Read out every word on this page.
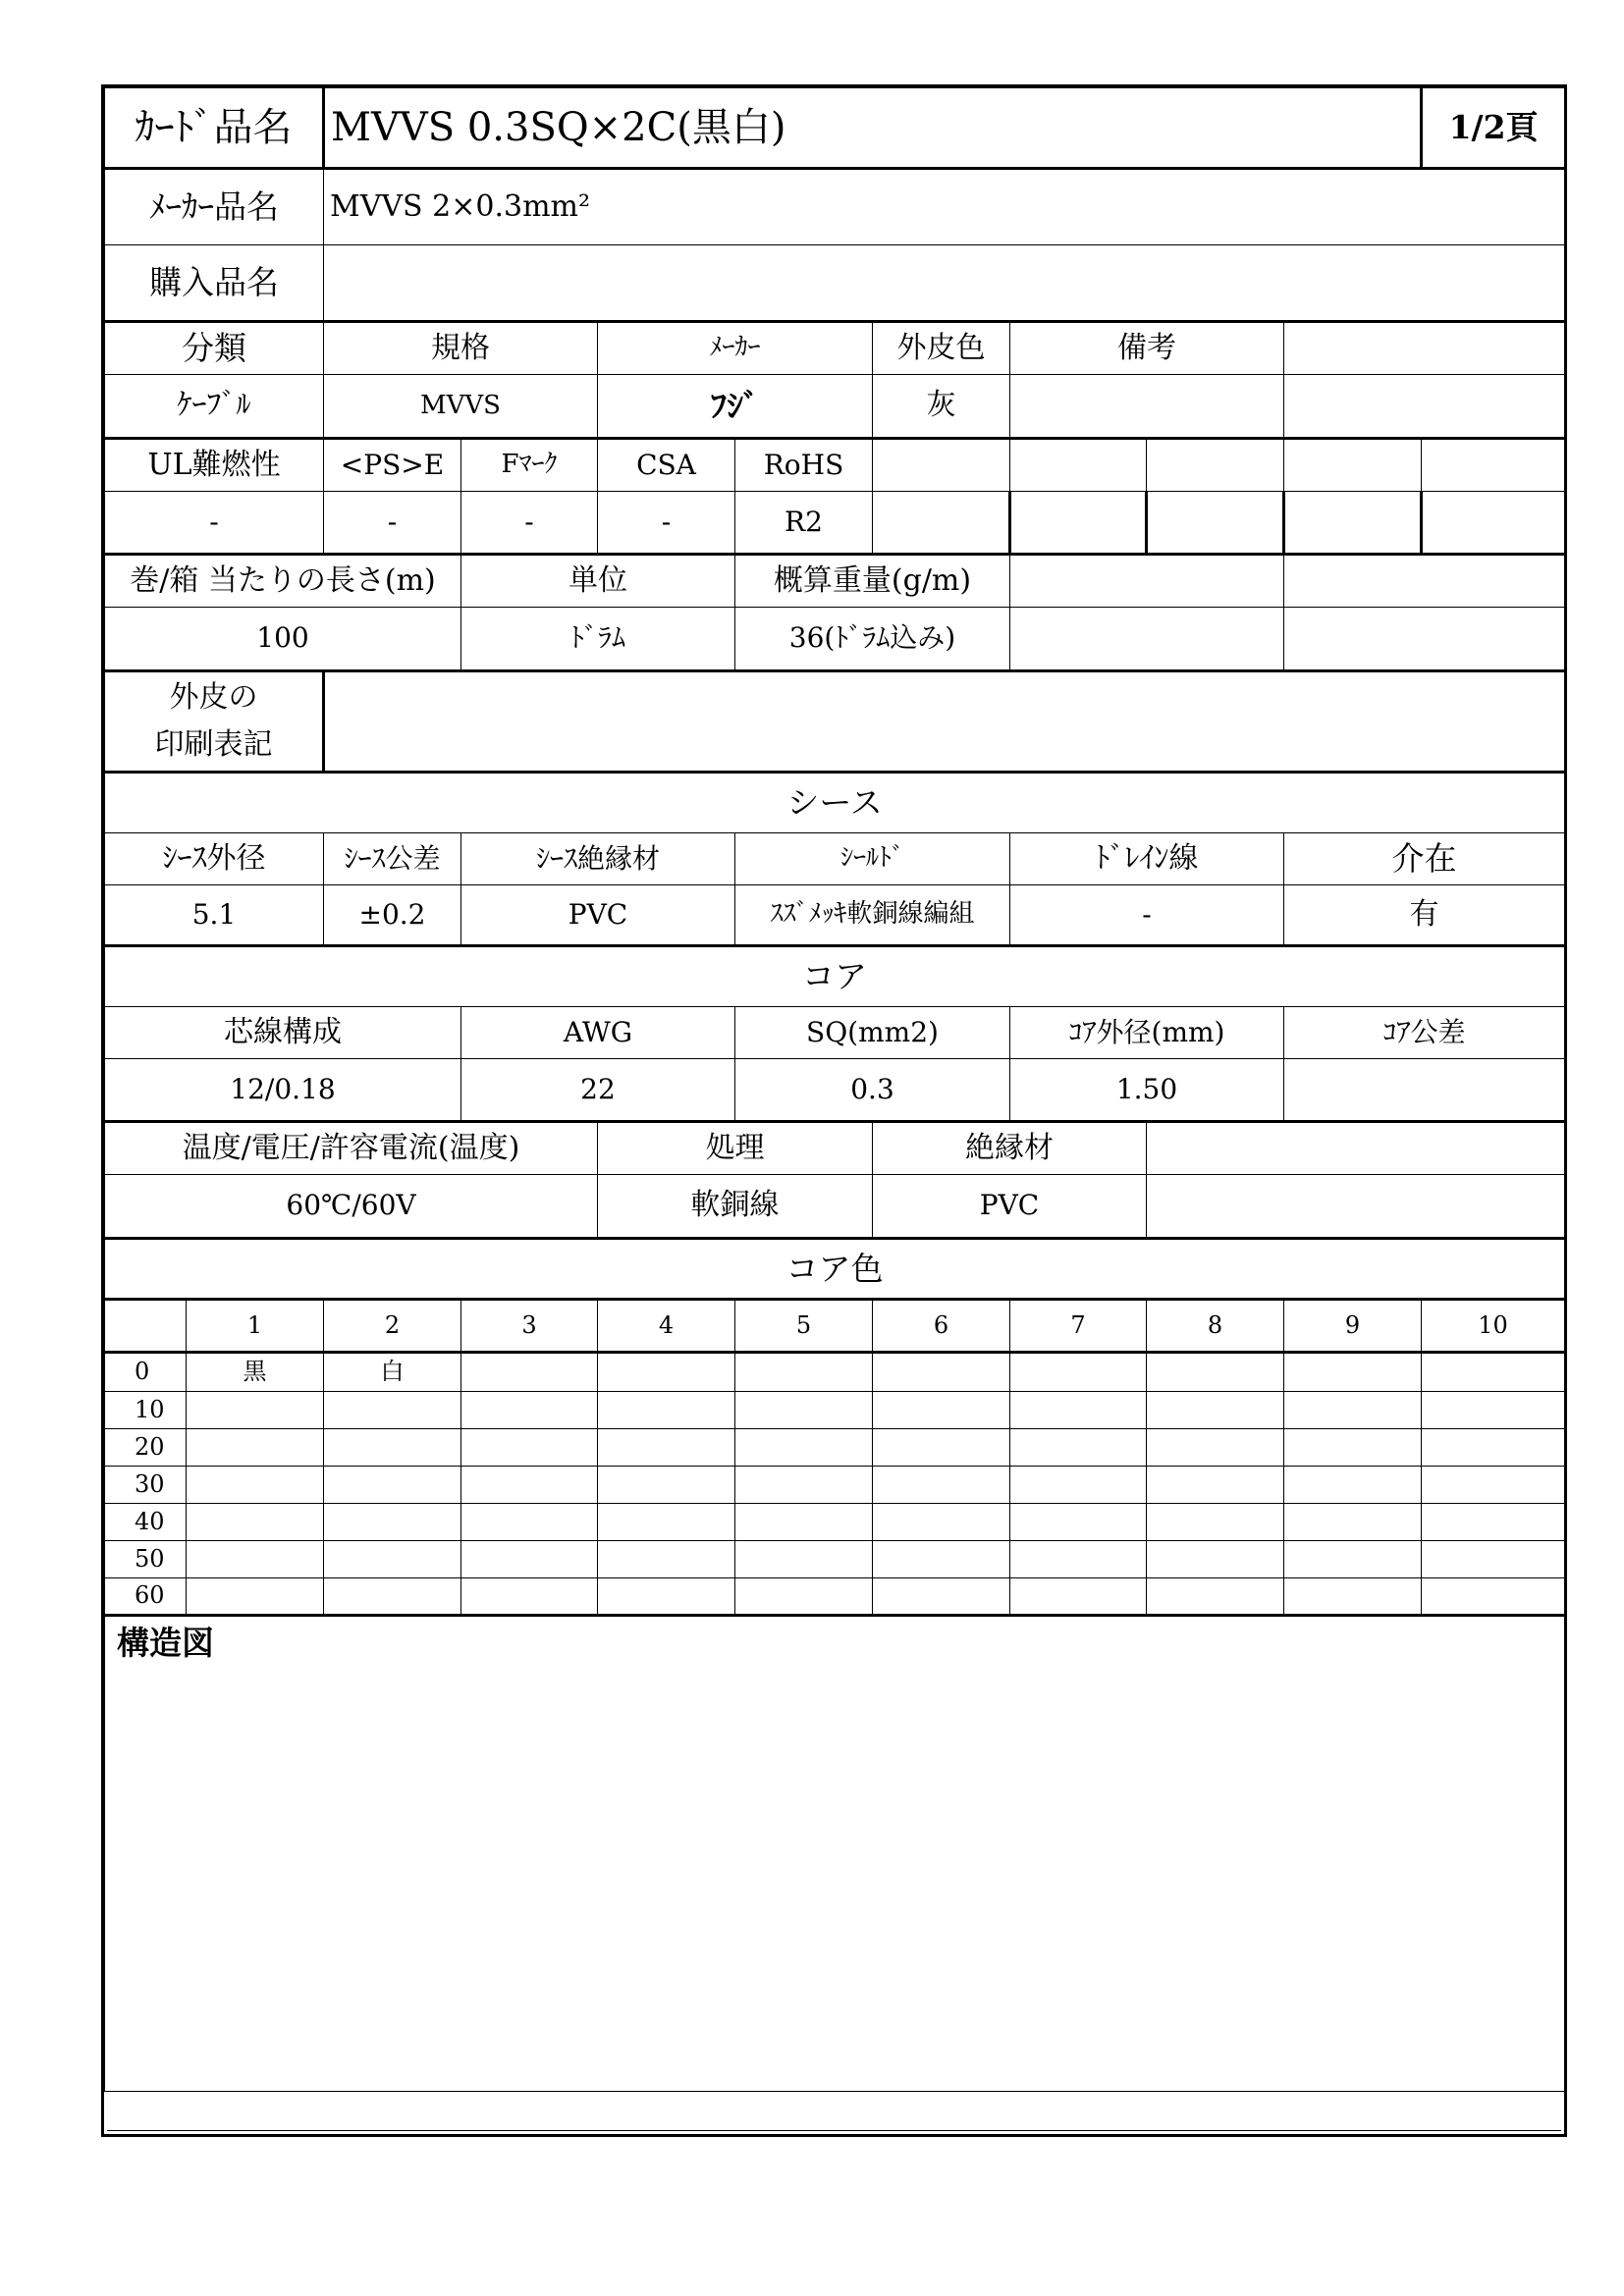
ｶｰﾄﾞ品名		MVVS 0.3SQ×2C(黒白)								1/2頁
ﾒｰｶｰ品名		MVVS 2×0.3mm²								
購入品名										
分類		規格		ﾒｰｶｰ		外皮色	備考			
ｹｰﾌﾞﾙ		MVVS		ﾌｼﾞ		灰				
UL難燃性		<PS>E	Fﾏｰｸ	CSA	RoHS					
-		-	-	-	R2					
巻/箱 当たりの長さ(m)			単位		概算重量(g/m)					
100			ﾄﾞﾗﾑ		36(ﾄﾞﾗﾑ込み)					
外皮の
印刷表記										
シース										
ｼｰｽ外径		ｼｰｽ公差	ｼｰｽ絶縁材		ｼｰﾙﾄﾞ		ﾄﾞﾚｲﾝ線		介在	
5.1		±0.2	PVC		ｽｽﾞﾒｯｷ軟銅線編組		-		有	
コア										
芯線構成			AWG		SQ(mm2)		ｺｱ外径(mm)		ｺｱ公差	
12/0.18			22		0.3		1.50			
温度/電圧/許容電流(温度)				処理		絶縁材				
60℃/60V				軟銅線		PVC				
コア色										
	1	2	3	4	5	6	7	8	9	10
0	黒	白								
10										
20										
30										
40										
50										
60										
構造図										
